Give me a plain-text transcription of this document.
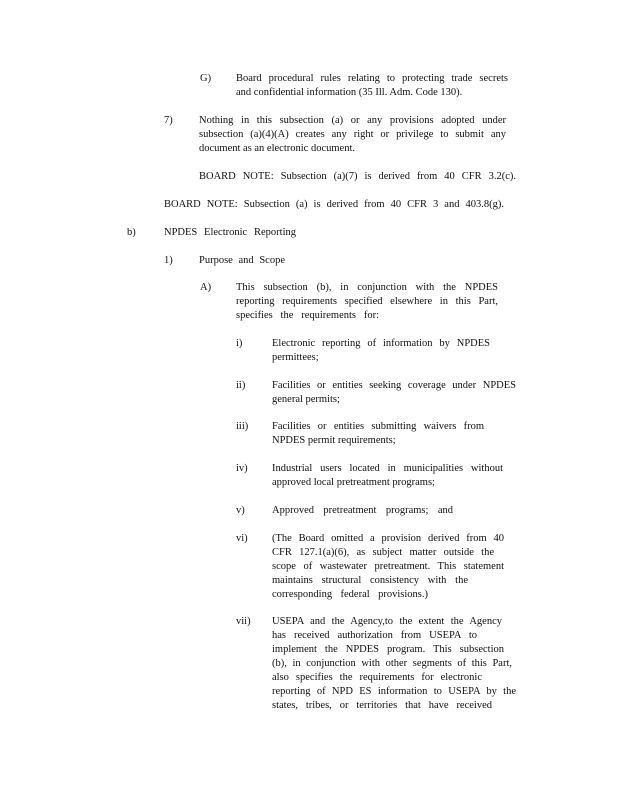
G) Board procedural rules relating to protecting trade secrets
and confidential information (35 Ill. Adm. Code 130).
7)	Nothing in this subsection (a) or any provisions adopted under
subsection (a)(4)(A) creates any right or privilege to submit any
document as an electronic document.
BOARD NOTE: Subsection (a)(7) is derived from 40 CFR 3.2(c).
BOARD NOTE: Subsection (a) is derived from 40 CFR 3 and 403.8(g).
b)	NPDES Electronic Reporting
1)	Purpose and Scope
A) This subsection (b), in conjunction with the NPDES
reporting requirements specified elsewhere in this Part,
specifies the requirements for:
i)	Electronic reporting of information by NPDES
permittees;
ii)	Facilities or entities seeking coverage under NPDES
general permits;
iii) Facilities or entities submitting waivers from
NPDES permit requirements;
iv) Industrial users located in municipalities without
approved local pretreatment programs;
v)	Approved pretreatment programs; and
vi) (The Board omitted a provision derived from 40
CFR 127.1(a)(6), as subject matter outside the
scope of wastewater pretreatment. This statement
maintains structural consistency with the
corresponding federal provisions.)
vii) USEPA and the Agency,to the extent the Agency
has received authorization from USEPA to
implement the NPDES program. This subsection
(b), in conjunction with other segments of this Part,
also specifies the requirements for electronic
reporting of NPD ES information to USEPA by the
states, tribes, or territories that have received
